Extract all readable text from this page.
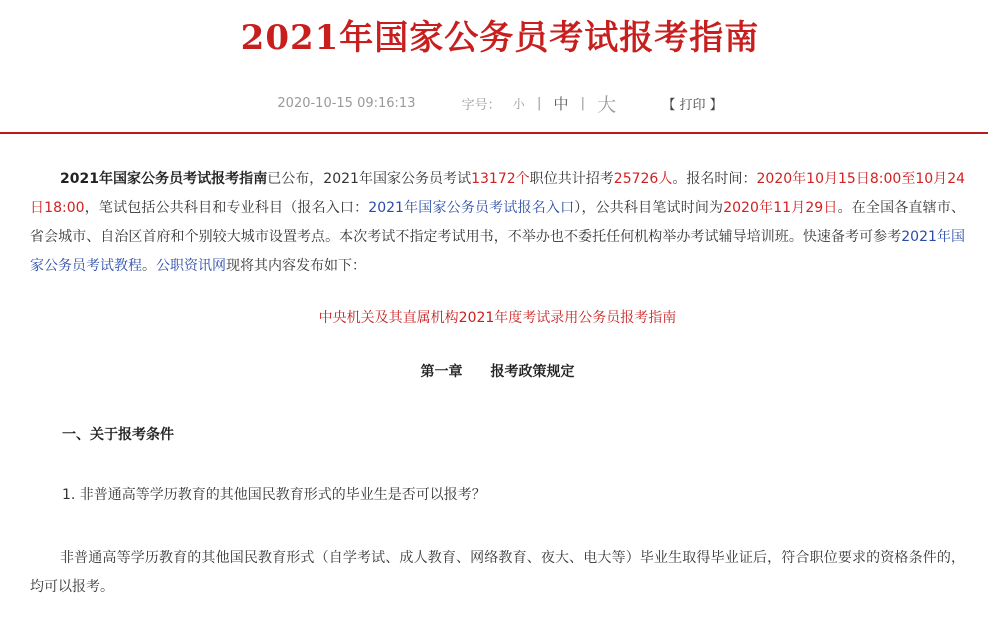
2021年国家公务员考试报考指南
2020-10-15 09:16:13	字号： 小 | 中 | 大	【 打印 】

2021年国家公务员考试报考指南已公布，2021年国家公务员考试13172个职位共计招考25726人。报名时间：2020年10月15日8:00至10月24日18:00，笔试包括公共科目和专业科目（报名入口：2021年国家公务员考试报名入口），公共科目笔试时间为2020年11月29日。在全国各直辖市、省会城市、自治区首府和个别较大城市设置考点。本次考试不指定考试用书，不举办也不委托任何机构举办考试辅导培训班。快速备考可参考2021年国家公务员考试教程。公职资讯网现将其内容发布如下：

中央机关及其直属机构2021年度考试录用公务员报考指南

第一章　　报考政策规定

一、关于报考条件

1. 非普通高等学历教育的其他国民教育形式的毕业生是否可以报考？

非普通高等学历教育的其他国民教育形式（自学考试、成人教育、网络教育、夜大、电大等）毕业生取得毕业证后，符合职位要求的资格条件的，均可以报考。
